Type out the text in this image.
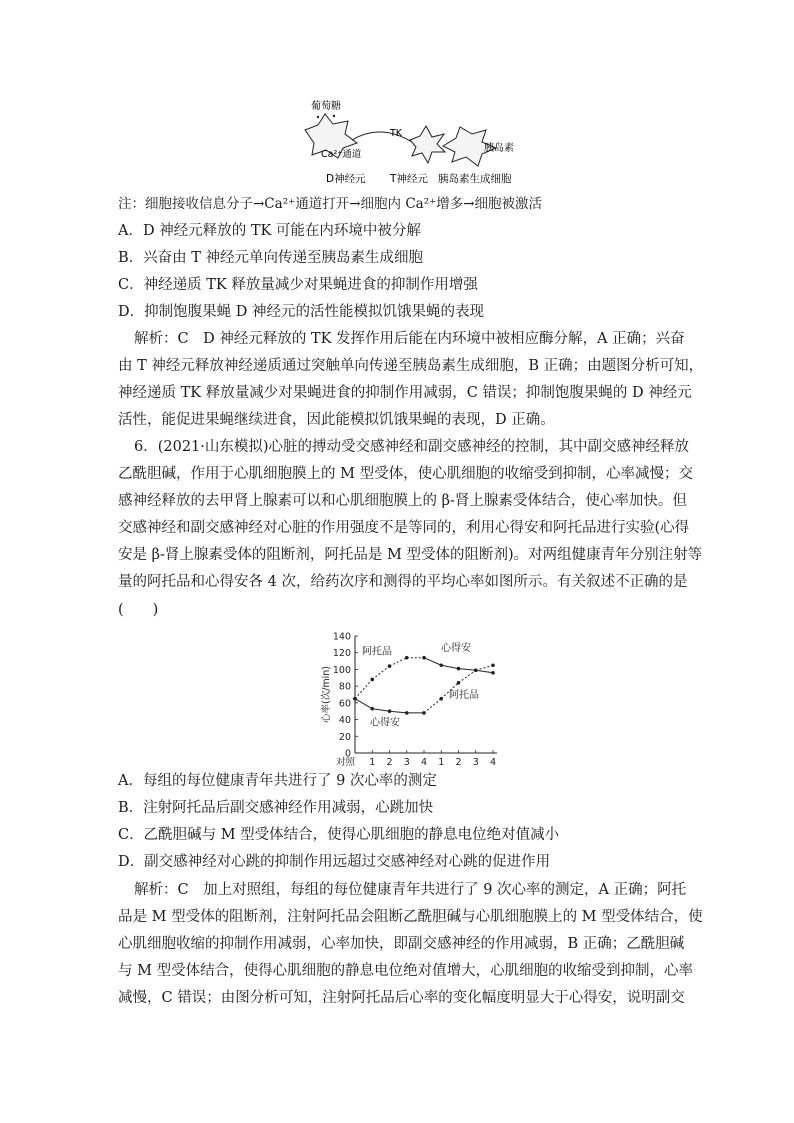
葡萄糖
Ca²⁺通道
TK
胰岛素
D神经元 T神经元 胰岛素生成细胞
注：细胞接收信息分子→Ca²⁺通道打开→细胞内 Ca²⁺增多→细胞被激活
A．D 神经元释放的 TK 可能在内环境中被分解
B．兴奋由 T 神经元单向传递至胰岛素生成细胞
C．神经递质 TK 释放量减少对果蝇进食的抑制作用增强
D．抑制饱腹果蝇 D 神经元的活性能模拟饥饿果蝇的表现
解析：C　D 神经元释放的 TK 发挥作用后能在内环境中被相应酶分解，A 正确；兴奋
由 T 神经元释放神经递质通过突触单向传递至胰岛素生成细胞，B 正确；由题图分析可知，
神经递质 TK 释放量减少对果蝇进食的抑制作用减弱，C 错误；抑制饱腹果蝇的 D 神经元
活性，能促进果蝇继续进食，因此能模拟饥饿果蝇的表现，D 正确。
6．(2021·山东模拟)心脏的搏动受交感神经和副交感神经的控制，其中副交感神经释放
乙酰胆碱，作用于心肌细胞膜上的 M 型受体，使心肌细胞的收缩受到抑制，心率减慢；交
感神经释放的去甲肾上腺素可以和心肌细胞膜上的 β-肾上腺素受体结合，使心率加快。但
交感神经和副交感神经对心脏的作用强度不是等同的，利用心得安和阿托品进行实验(心得
安是 β-肾上腺素受体的阻断剂，阿托品是 M 型受体的阻断剂)。对两组健康青年分别注射等
量的阿托品和心得安各 4 次，给药次序和测得的平均心率如图所示。有关叙述不正确的是
(　　)
0
20
40
60
80
100
120
140
对照 1 2 3 4 1 2 3 4
心率(次/min)
阿托品	心得安
阿托品
心得安
A．每组的每位健康青年共进行了 9 次心率的测定
B．注射阿托品后副交感神经作用减弱，心跳加快
C．乙酰胆碱与 M 型受体结合，使得心肌细胞的静息电位绝对值减小
D．副交感神经对心跳的抑制作用远超过交感神经对心跳的促进作用
解析：C　加上对照组，每组的每位健康青年共进行了 9 次心率的测定，A 正确；阿托
品是 M 型受体的阻断剂，注射阿托品会阻断乙酰胆碱与心肌细胞膜上的 M 型受体结合，使
心肌细胞收缩的抑制作用减弱，心率加快，即副交感神经的作用减弱，B 正确；乙酰胆碱
与 M 型受体结合，使得心肌细胞的静息电位绝对值增大，心肌细胞的收缩受到抑制，心率
减慢，C 错误；由图分析可知，注射阿托品后心率的变化幅度明显大于心得安，说明副交
